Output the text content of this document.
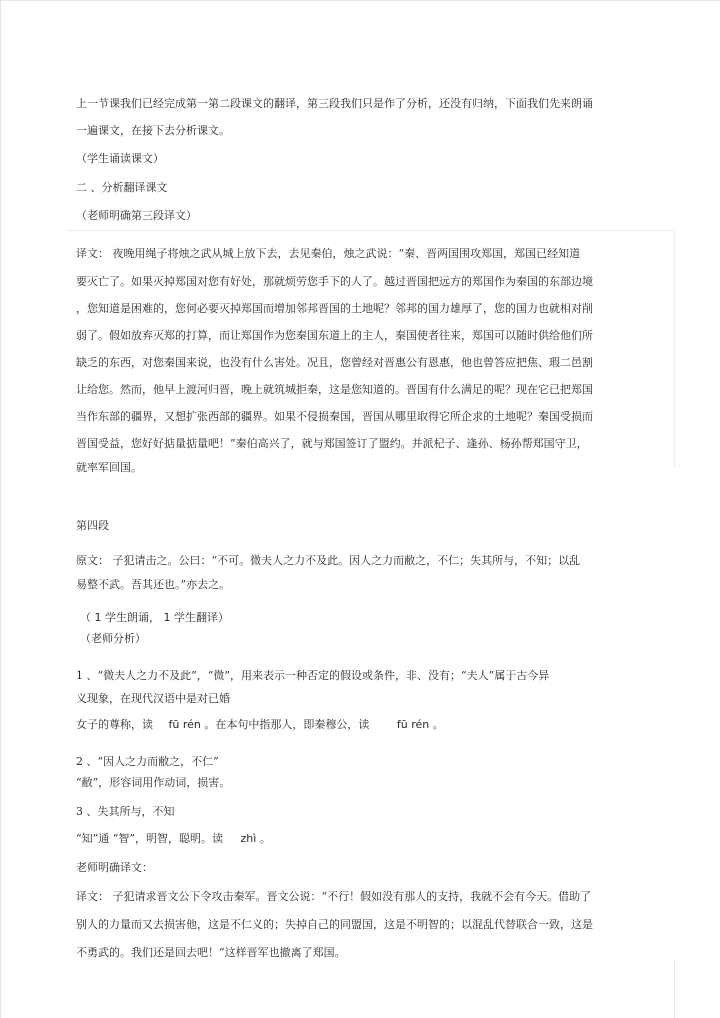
上一节课我们已经完成第一第二段课文的翻译，第三段我们只是作了分析，还没有归纳，下面我们先来朗诵
一遍课文，在接下去分析课文。
（学生诵读课文）
二 、分析翻译课文
（老师明确第三段译文）
译文： 夜晚用绳子将烛之武从城上放下去，去见秦伯，烛之武说：“秦、晋两国围攻郑国，郑国已经知道
要灭亡了。如果灭掉郑国对您有好处，那就烦劳您手下的人了。越过晋国把远方的郑国作为秦国的东部边境
，您知道是困难的，您何必要灭掉郑国而增加邻邦晋国的土地呢？邻邦的国力雄厚了，您的国力也就相对削
弱了。假如放弃灭郑的打算，而让郑国作为您秦国东道上的主人，秦国使者往来，郑国可以随时供给他们所
缺乏的东西，对您秦国来说，也没有什么害处。况且，您曾经对晋惠公有恩惠，他也曾答应把焦、瑕二邑割
让给您。然而，他早上渡河归晋，晚上就筑城拒秦，这是您知道的。晋国有什么满足的呢？现在它已把郑国
当作东部的疆界，又想扩张西部的疆界。如果不侵损秦国，晋国从哪里取得它所企求的土地呢？秦国受损而
晋国受益，您好好掂量掂量吧！”秦伯高兴了，就与郑国签订了盟约。并派杞子、逢孙、杨孙帮郑国守卫，
就率军回国。
第四段
原文： 子犯请击之。公曰：“不可。微夫人之力不及此。因人之力而敝之，不仁；失其所与，不知；以乱
易整不武。吾其还也。”亦去之。
（ 1 学生朗诵， 1 学生翻译）
（老师分析）
1 、“微夫人之力不及此”，“微”，用来表示一种否定的假设或条件，非、没有；“夫人”属于古今异
义现象，在现代汉语中是对已婚
女子的尊称，读 fū rén 。在本句中指那人，即秦穆公，读	fū rén 。
2 、“因人之力而敝之，不仁”
“敝”，形容词用作动词，损害。
3 、失其所与，不知
“知”通 “智”，明智，聪明。读 zhì 。
老师明确译文：
译文： 子犯请求晋文公下令攻击秦军。晋文公说：“不行！假如没有那人的支持，我就不会有今天。借助了
别人的力量而又去损害他，这是不仁义的；失掉自己的同盟国，这是不明智的；以混乱代替联合一致，这是
不勇武的。我们还是回去吧！”这样晋军也撤离了郑国。
